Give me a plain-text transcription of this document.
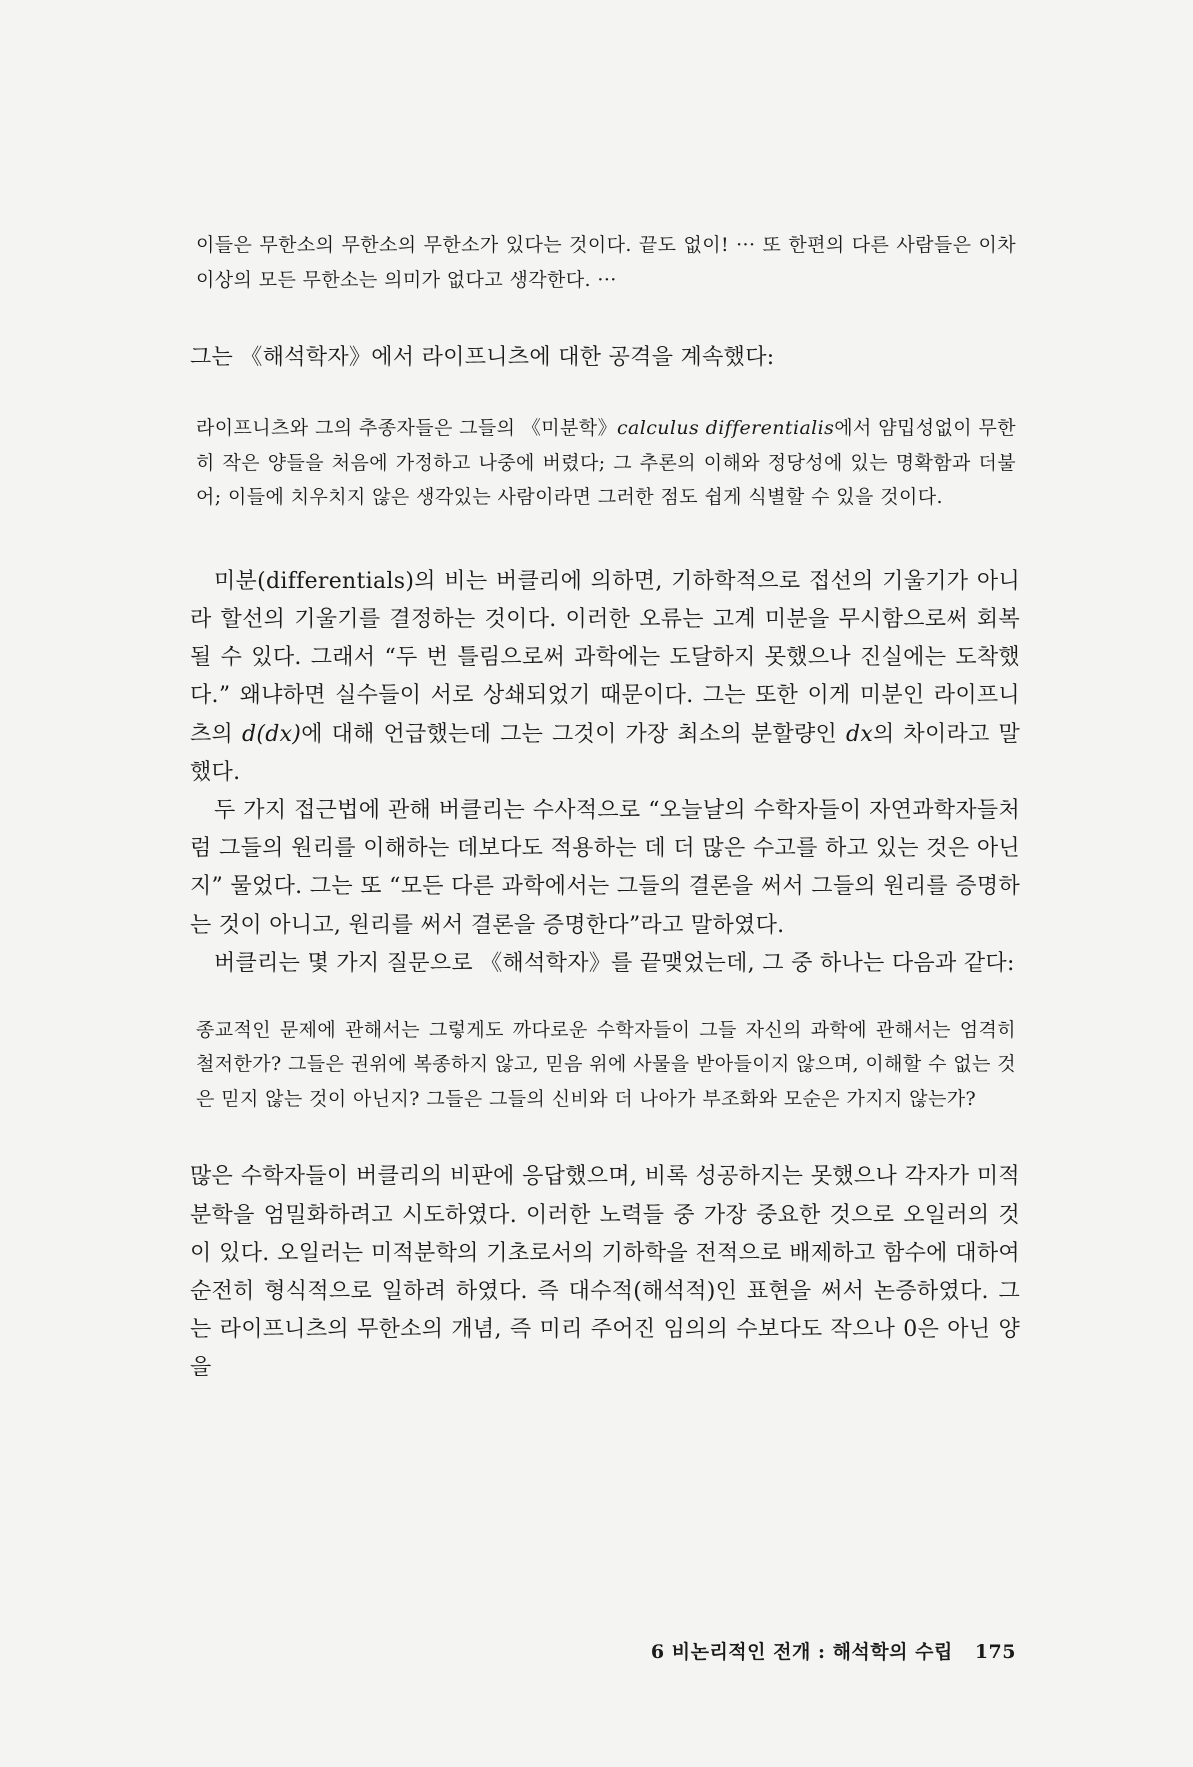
이들은 무한소의 무한소의 무한소가 있다는 것이다. 끝도 없이! ··· 또 한편의 다른 사람들은 이차 이상의 모든 무한소는 의미가 없다고 생각한다. ···

그는 《해석학자》에서 라이프니츠에 대한 공격을 계속했다:

라이프니츠와 그의 추종자들은 그들의 《미분학》calculus differentialis에서 얌밉성없이 무한히 작은 양들을 처음에 가정하고 나중에 버렸다; 그 추론의 이해와 정당성에 있는 명확함과 더불어; 이들에 치우치지 않은 생각있는 사람이라면 그러한 점도 쉽게 식별할 수 있을 것이다.

미분(differentials)의 비는 버클리에 의하면, 기하학적으로 접선의 기울기가 아니라 할선의 기울기를 결정하는 것이다. 이러한 오류는 고계 미분을 무시함으로써 회복될 수 있다. 그래서 “두 번 틀림으로써 과학에는 도달하지 못했으나 진실에는 도착했다.” 왜냐하면 실수들이 서로 상쇄되었기 때문이다. 그는 또한 이게 미분인 라이프니츠의 d(dx)에 대해 언급했는데 그는 그것이 가장 최소의 분할량인 dx의 차이라고 말했다.

두 가지 접근법에 관해 버클리는 수사적으로 “오늘날의 수학자들이 자연과학자들처럼 그들의 원리를 이해하는 데보다도 적용하는 데 더 많은 수고를 하고 있는 것은 아닌지” 물었다. 그는 또 “모든 다른 과학에서는 그들의 결론을 써서 그들의 원리를 증명하는 것이 아니고, 원리를 써서 결론을 증명한다”라고 말하였다.

버클리는 몇 가지 질문으로 《해석학자》를 끝맺었는데, 그 중 하나는 다음과 같다:

종교적인 문제에 관해서는 그렇게도 까다로운 수학자들이 그들 자신의 과학에 관해서는 엄격히 철저한가? 그들은 권위에 복종하지 않고, 믿음 위에 사물을 받아들이지 않으며, 이해할 수 없는 것은 믿지 않는 것이 아닌지? 그들은 그들의 신비와 더 나아가 부조화와 모순은 가지지 않는가?

많은 수학자들이 버클리의 비판에 응답했으며, 비록 성공하지는 못했으나 각자가 미적분학을 엄밀화하려고 시도하였다. 이러한 노력들 중 가장 중요한 것으로 오일러의 것이 있다. 오일러는 미적분학의 기초로서의 기하학을 전적으로 배제하고 함수에 대하여 순전히 형식적으로 일하려 하였다. 즉 대수적(해석적)인 표현을 써서 논증하였다. 그는 라이프니츠의 무한소의 개념, 즉 미리 주어진 임의의 수보다도 작으나 0은 아닌 양을

6 비논리적인 전개 : 해석학의 수립 175
